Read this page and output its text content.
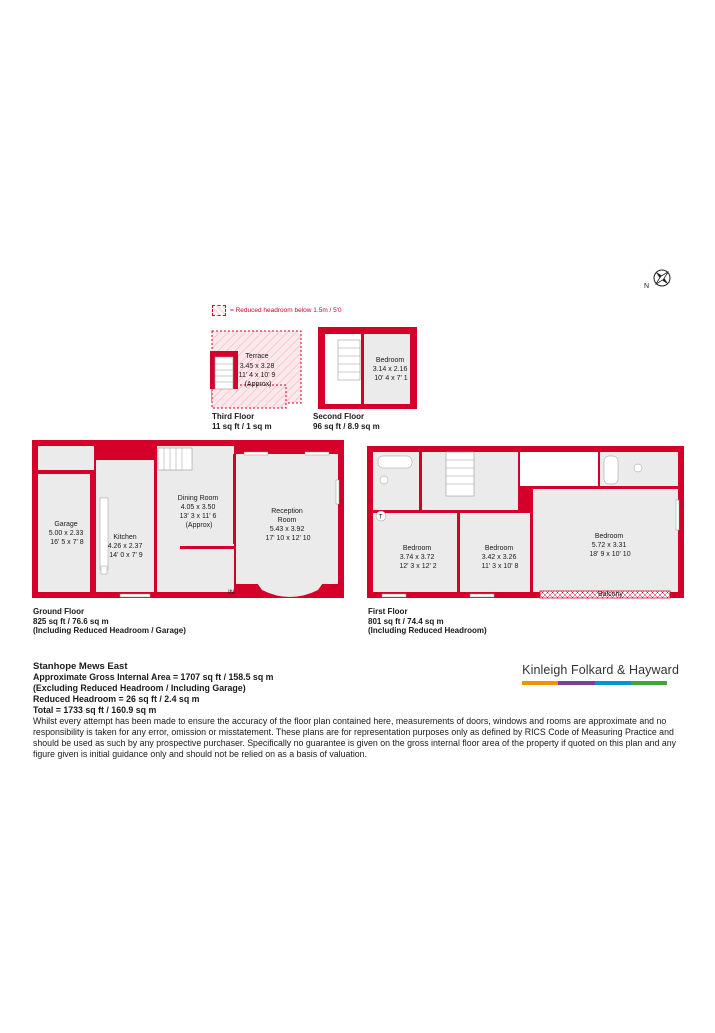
= Reduced headroom below 1.5m / 5'0
N
Terrace 3.45 x 3.28 11' 4 x 10' 9 (Approx)
Bedroom 3.14 x 2.16 10' 4 x 7' 1
Garage 5.00 x 2.33 16' 5 x 7' 8
Kitchen 4.26 x 2.37 14' 0 x 7' 9
Dining Room 4.05 x 3.50 13' 3 x 11' 6 (Approx)
Reception Room 5.43 x 3.92 17' 10 x 12' 10
IN
T
Bedroom 3.74 x 3.72 12' 3 x 12' 2
Bedroom 3.42 x 3.26 11' 3 x 10' 8
Bedroom 5.72 x 3.31 18' 9 x 10' 10
Balcony
Third Floor
11 sq ft / 1 sq m
Second Floor
96 sq ft / 8.9 sq m
Ground Floor
825 sq ft / 76.6 sq m
(Including Reduced Headroom / Garage)
First Floor
801 sq ft / 74.4 sq m
(Including Reduced Headroom)
Kinleigh Folkard & Hayward
Stanhope Mews East
Approximate Gross Internal Area = 1707 sq ft / 158.5 sq m
(Excluding Reduced Headroom / Including Garage)
Reduced Headroom = 26 sq ft / 2.4 sq m
Total = 1733 sq ft / 160.9 sq m
Whilst every attempt has been made to ensure the accuracy of the floor plan contained here, measurements of doors, windows and rooms are approximate and no responsibility is taken for any error, omission or misstatement. These plans are for representation purposes only as defined by RICS Code of Measuring Practice and should be used as such by any prospective purchaser. Specifically no guarantee is given on the gross internal floor area of the property if quoted on this plan and any figure given is initial guidance only and should not be relied on as a basis of valuation.
